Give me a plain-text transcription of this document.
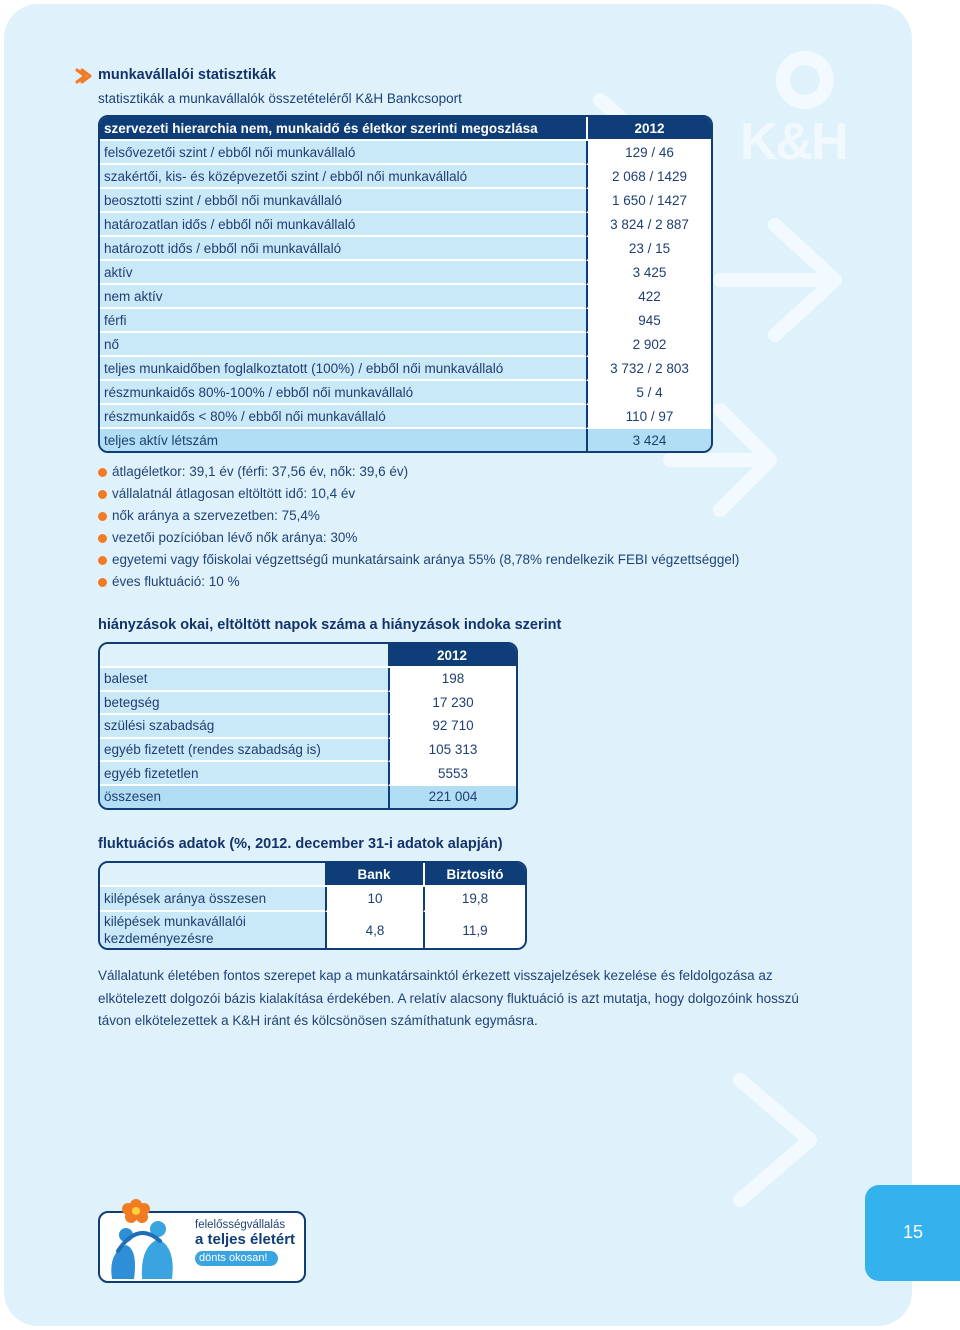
K&H
munkavállalói statisztikák
statisztikák a munkavállalók összetételéről K&H Bankcsoport
szervezeti hierarchia nem, munkaidő és életkor szerinti megoszlása	2012
felsővezetői szint / ebből női munkavállaló	129 / 46
szakértői, kis- és középvezetői szint / ebből női munkavállaló	2 068 / 1429
beosztotti szint / ebből női munkavállaló	1 650 / 1427
határozatlan idős / ebből női munkavállaló	3 824 / 2 887
határozott idős / ebből női munkavállaló	23 / 15
aktív	3 425
nem aktív	422
férfi	945
nő	2 902
teljes munkaidőben foglalkoztatott (100%) / ebből női munkavállaló	3 732 / 2 803
részmunkaidős 80%-100% / ebből női munkavállaló	5 / 4
részmunkaidős < 80% / ebből női munkavállaló	110 / 97
teljes aktív létszám	3 424
átlagéletkor: 39,1 év (férfi: 37,56 év, nők: 39,6 év)
vállalatnál átlagosan eltöltött idő: 10,4 év
nők aránya a szervezetben: 75,4%
vezetői pozícióban lévő nők aránya: 30%
egyetemi vagy főiskolai végzettségű munkatársaink aránya 55% (8,78% rendelkezik FEBI végzettséggel)
éves fluktuáció: 10 %
hiányzások okai, eltöltött napok száma a hiányzások indoka szerint
	2012
baleset	198
betegség	17 230
szülési szabadság	92 710
egyéb fizetett (rendes szabadság is)	105 313
egyéb fizetetlen	5553
összesen	221 004
fluktuációs adatok (%, 2012. december 31-i adatok alapján)
	Bank	Biztosító
kilépések aránya összesen	10	19,8
kilépések munkavállalói kezdeményezésre	4,8	11,9
Vállalatunk életében fontos szerepet kap a munkatársainktól érkezett visszajelzések kezelése és feldolgozása az elkötelezett dolgozói bázis kialakítása érdekében. A relatív alacsony fluktuáció is azt mutatja, hogy dolgozóink hosszú távon elkötelezettek a K&H iránt és kölcsönösen számíthatunk egymásra.
felelősségvállalás
a teljes életért
dönts okosan!
15
